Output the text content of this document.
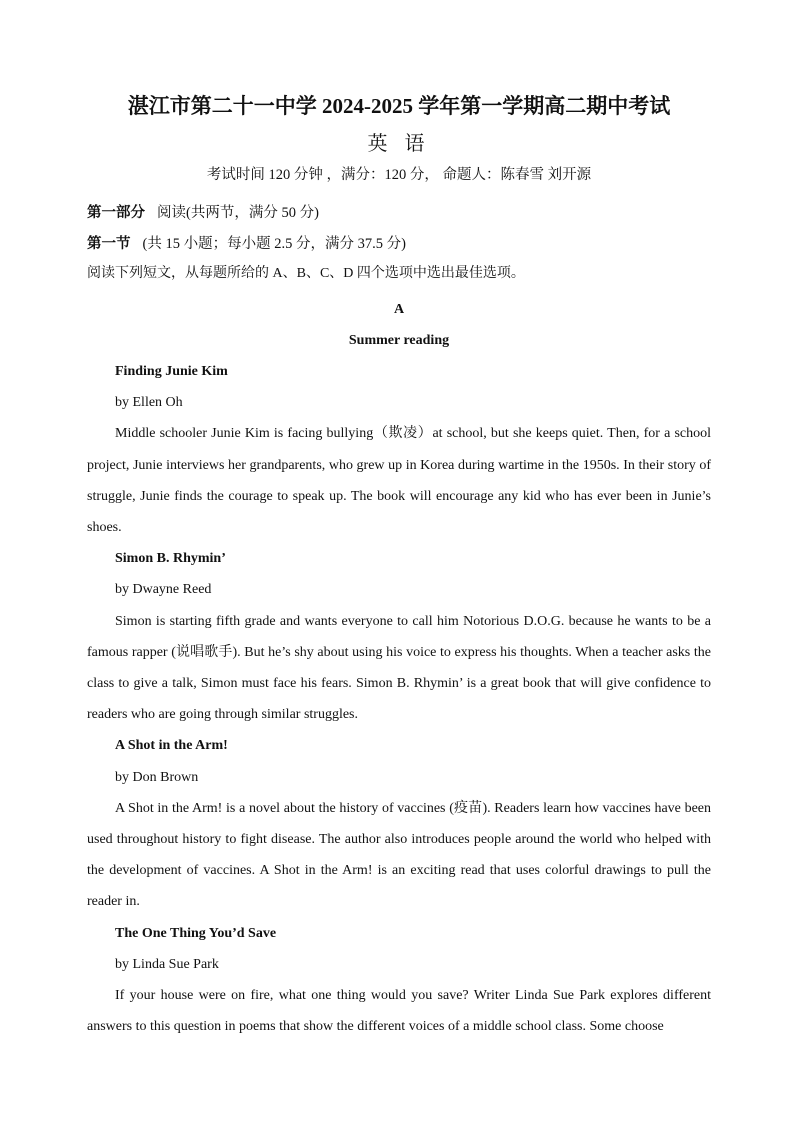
湛江市第二十一中学 2024-2025 学年第一学期高二期中考试

英 语

考试时间 120 分钟 ，满分：120 分， 命题人：陈春雪 刘开源

第一部分 阅读(共两节，满分 50 分)

第一节 (共 15 小题；每小题 2.5 分，满分 37.5 分)

阅读下列短文，从每题所给的 A、B、C、D 四个选项中选出最佳选项。

A

Summer reading

Finding Junie Kim

by Ellen Oh

Middle schooler Junie Kim is facing bullying（欺凌）at school, but she keeps quiet. Then, for a school project, Junie interviews her grandparents, who grew up in Korea during wartime in the 1950s. In their story of struggle, Junie finds the courage to speak up. The book will encourage any kid who has ever been in Junie’s shoes.

Simon B. Rhymin’

by Dwayne Reed

Simon is starting fifth grade and wants everyone to call him Notorious D.O.G. because he wants to be a famous rapper (说唱歌手). But he’s shy about using his voice to express his thoughts. When a teacher asks the class to give a talk, Simon must face his fears. Simon B. Rhymin’ is a great book that will give confidence to readers who are going through similar struggles.

A Shot in the Arm!

by Don Brown

A Shot in the Arm! is a novel about the history of vaccines (疫苗). Readers learn how vaccines have been used throughout history to fight disease. The author also introduces people around the world who helped with the development of vaccines. A Shot in the Arm! is an exciting read that uses colorful drawings to pull the reader in.

The One Thing You’d Save

by Linda Sue Park

If your house were on fire, what one thing would you save? Writer Linda Sue Park explores different answers to this question in poems that show the different voices of a middle school class. Some choose
